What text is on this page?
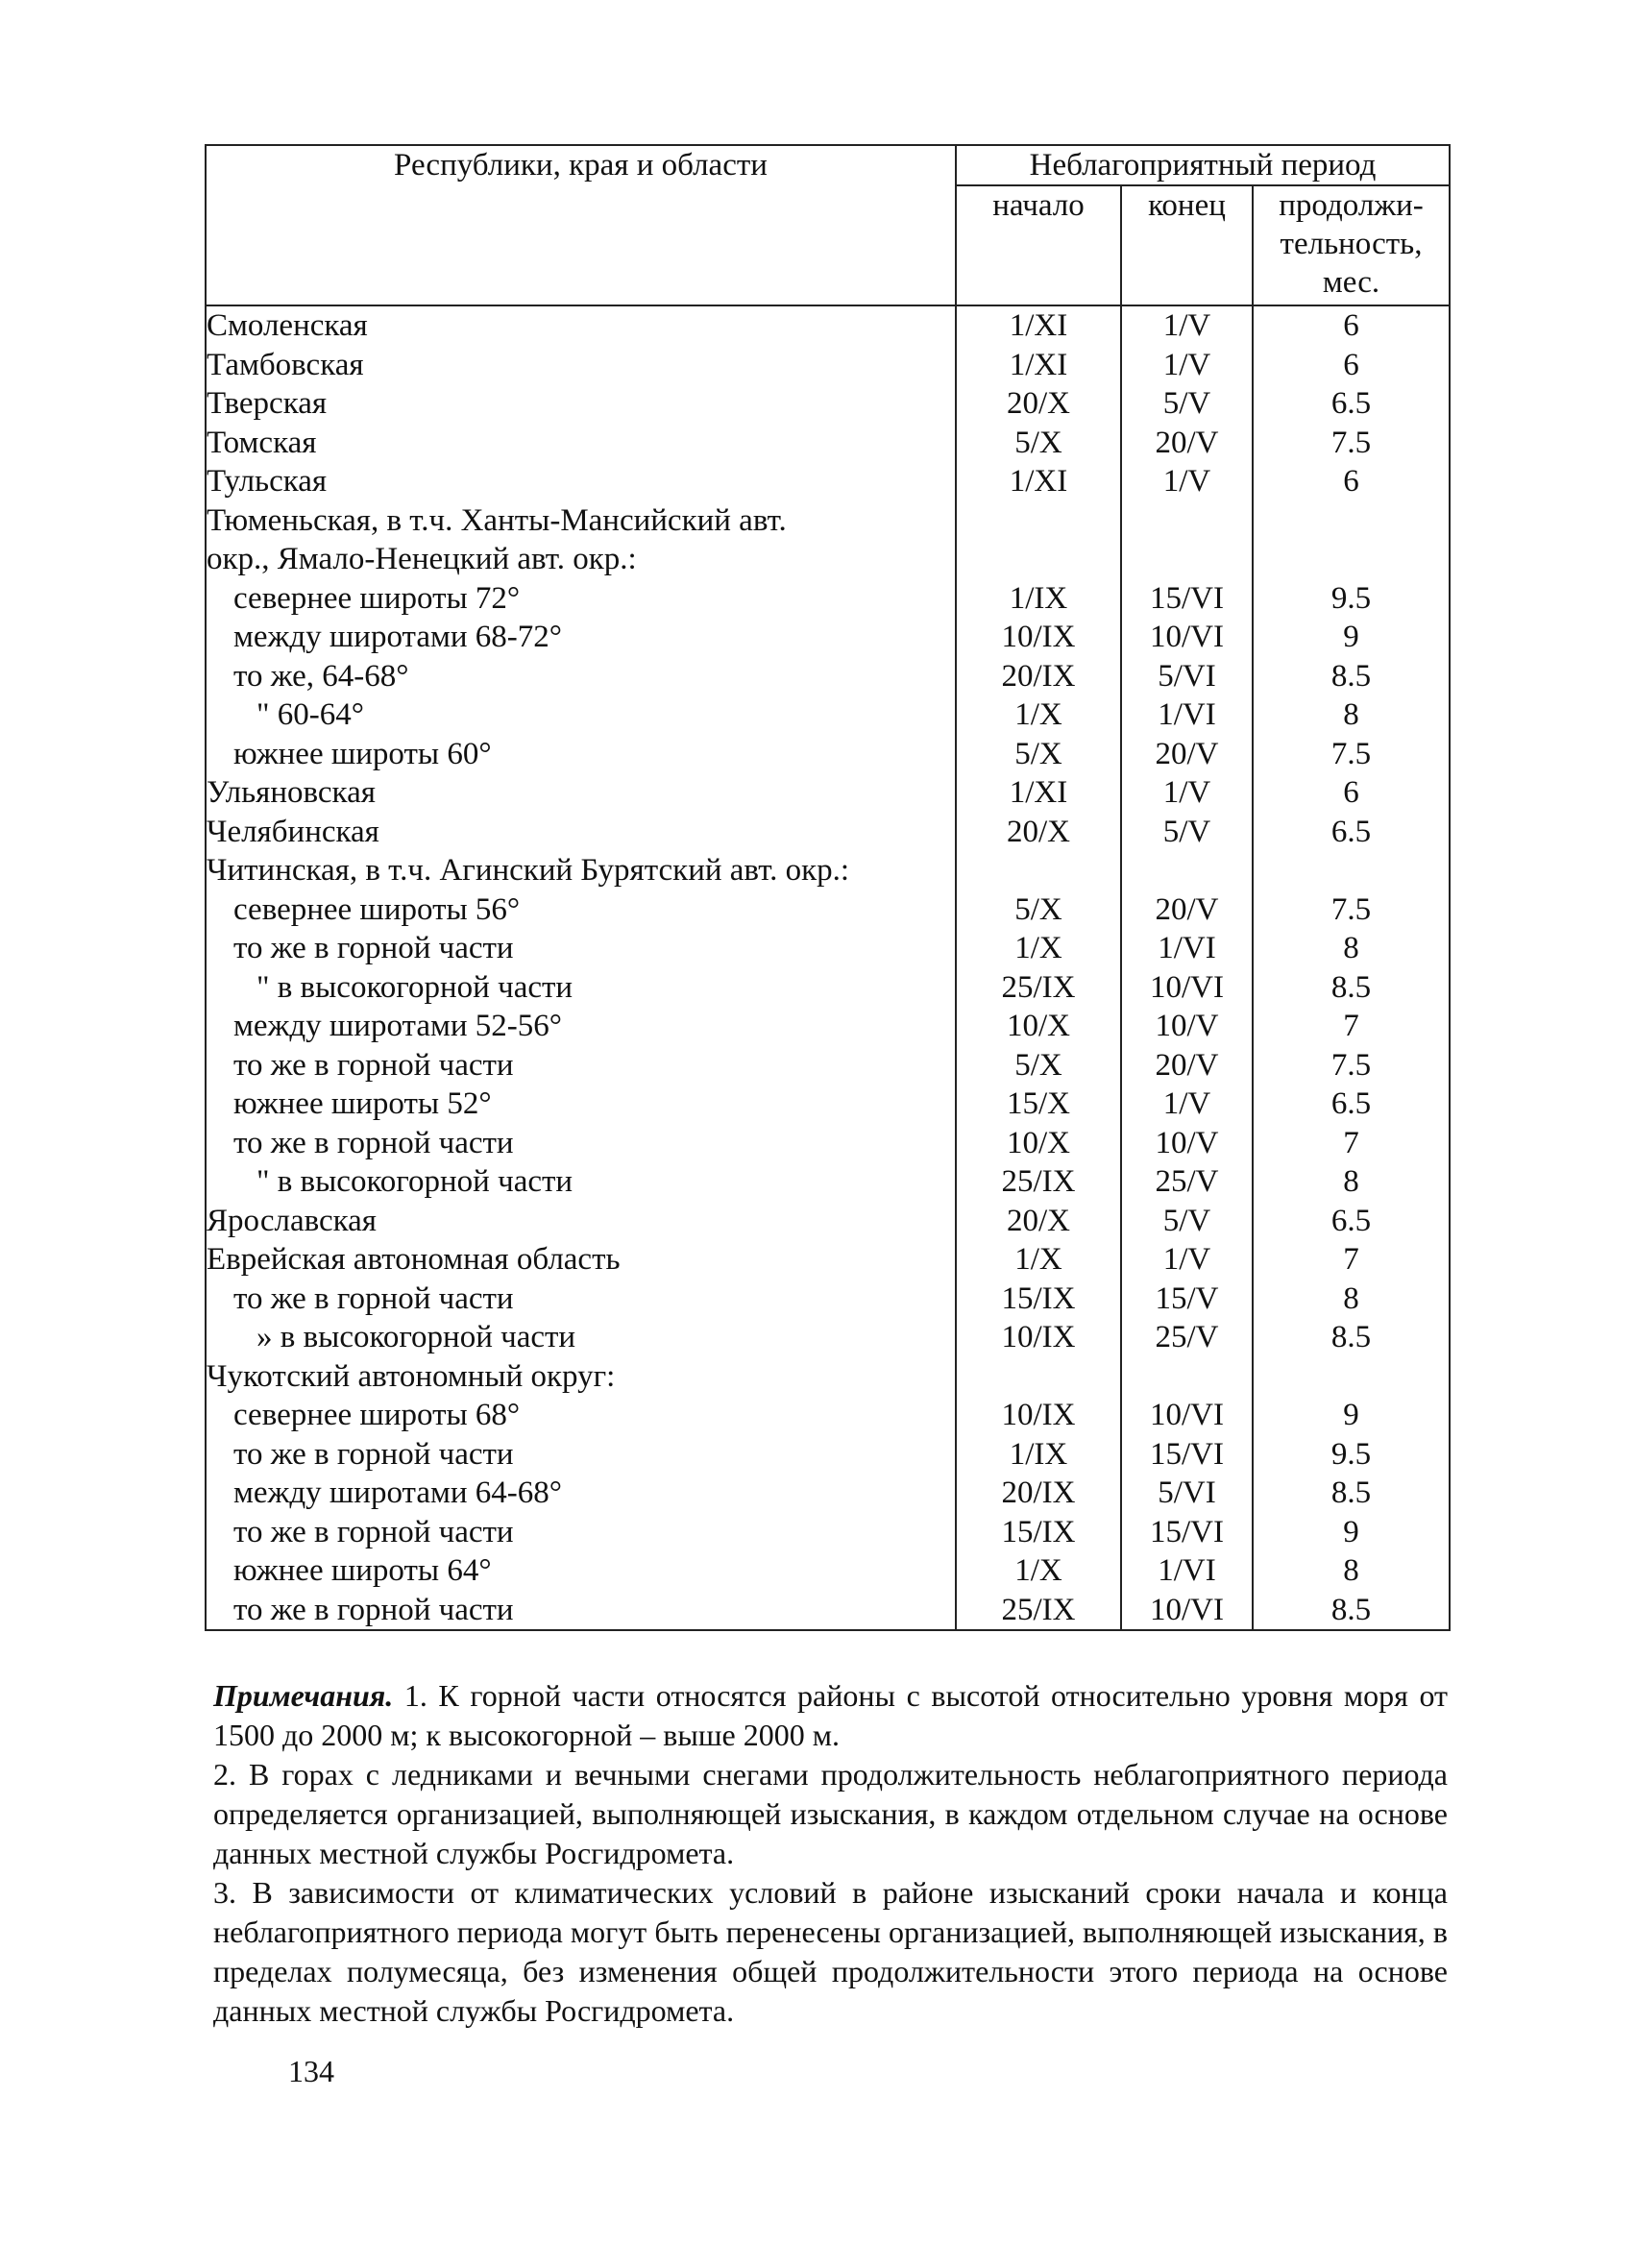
Республики, края и области	Неблагоприятный период		
	начало	конец	продолжи-тельность, мес.
Смоленская	1/XI	1/V	6
Тамбовская	1/XI	1/V	6
Тверская	20/X	5/V	6.5
Томская	5/X	20/V	7.5
Тульская	1/XI	1/V	6
Тюменьская, в т.ч. Ханты-Мансийский авт.			
окр., Ямало-Ненецкий авт. окр.:			
севернее широты 72°	1/IX	15/VI	9.5
между широтами 68-72°	10/IX	10/VI	9
то же, 64-68°	20/IX	5/VI	8.5
" 60-64°	1/X	1/VI	8
южнее широты 60°	5/X	20/V	7.5
Ульяновская	1/XI	1/V	6
Челябинская	20/X	5/V	6.5
Читинская, в т.ч. Агинский Бурятский авт. окр.:			
севернее широты 56°	5/X	20/V	7.5
то же в горной части	1/X	1/VI	8
" в высокогорной части	25/IX	10/VI	8.5
между широтами 52-56°	10/X	10/V	7
то же в горной части	5/X	20/V	7.5
южнее широты 52°	15/X	1/V	6.5
то же в горной части	10/X	10/V	7
" в высокогорной части	25/IX	25/V	8
Ярославская	20/X	5/V	6.5
Еврейская автономная область	1/X	1/V	7
то же в горной части	15/IX	15/V	8
» в высокогорной части	10/IX	25/V	8.5
Чукотский автономный округ:			
севернее широты 68°	10/IX	10/VI	9
то же в горной части	1/IX	15/VI	9.5
между широтами 64-68°	20/IX	5/VI	8.5
то же в горной части	15/IX	15/VI	9
южнее широты 64°	1/X	1/VI	8
то же в горной части	25/IX	10/VI	8.5

Примечания. 1. К горной части относятся районы с высотой относительно уровня моря от 1500 до 2000 м; к высокогорной – выше 2000 м.

2. В горах с ледниками и вечными снегами продолжительность неблагоприятного периода определяется организацией, выполняющей изыскания, в каждом отдельном случае на основе данных местной службы Росгидромета.

3. В зависимости от климатических условий в районе изысканий сроки начала и конца неблагоприятного периода могут быть перенесены организацией, выполняющей изыскания, в пределах полумесяца, без изменения общей продолжительности этого периода на основе данных местной службы Росгидромета.

134
